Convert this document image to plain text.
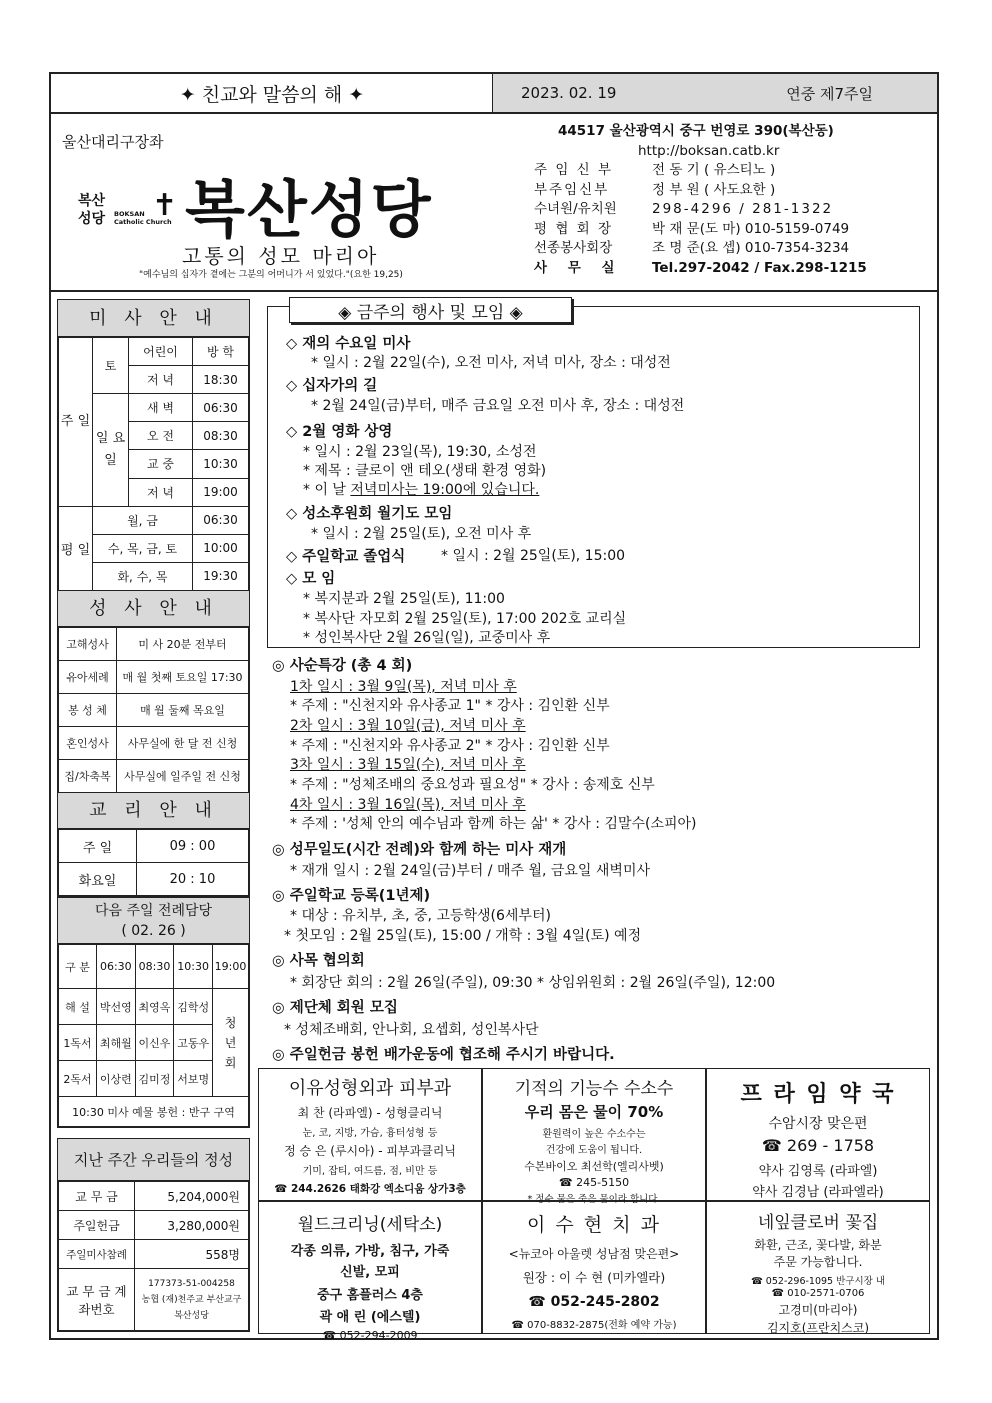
✦ 친교와 말씀의 해 ✦	2023. 02. 19	연중 제7주일
울산대리구장좌
복산
성당 BOKSAN
Catholic Church
✝ 복산성당
고통의 성모 마리아
"예수님의 십자가 곁에는 그분의 어머니가 서 있었다."(요한 19,25)
44517 울산광역시 중구 번영로 390(복산동)
http://boksan.catb.kr
주 임 신 부	전 동 기 ( 유스티노 )
부주임신부	정 부 원 ( 사도요한 )
수녀원/유치원	298-4296 / 281-1322
평 협 회 장	박 재 문(도 마) 010-5159-0749
선종봉사회장	조 명 준(요 셉) 010-7354-3234
사 무 실	Tel.297-2042 / Fax.298-1215
미 사 안 내
주 일	토	어린이	방 학
		저 녁	18:30
	일 요 일	새 벽	06:30
		오 전	08:30
		교 중	10:30
		저 녁	19:00
평 일	월, 금		06:30
	수, 목, 금, 토		10:00
	화, 수, 목		19:30
성 사 안 내
고해성사	미 사 20분 전부터
유아세례	매 월 첫째 토요일 17:30
봉 성 체	매 월 둘째 목요일
혼인성사	사무실에 한 달 전 신청
집/차축복	사무실에 일주일 전 신청
교 리 안 내
주 일	09 : 00
화요일	20 : 10
다음 주일 전례담당
( 02. 26 )
구 분	06:30	08:30	10:30	19:00
해 설	박선영	최영옥	김학성	청 년 회
1독서	최해월	이신우	고동우	
2독서	이상련	김미정	서보명	
10:30 미사 예물 봉헌 : 반구 구역				
지난 주간 우리들의 정성
교 무 금	5,204,000원
주일헌금	3,280,000원
주일미사참례	558명
교 무 금 계좌번호	177373-51-004258
농협 (재)천주교 부산교구
복산성당
◈ 금주의 행사 및 모임 ◈
◇ 재의 수요일 미사
* 일시 : 2월 22일(수), 오전 미사, 저녁 미사, 장소 : 대성전
◇ 십자가의 길
* 2월 24일(금)부터, 매주 금요일 오전 미사 후, 장소 : 대성전
◇ 2월 영화 상영
* 일시 : 2월 23일(목), 19:30, 소성전
* 제목 : 클로이 앤 테오(생태 환경 영화)
* 이 날 저녁미사는 19:00에 있습니다.
◇ 성소후원회 월기도 모임
* 일시 : 2월 25일(토), 오전 미사 후
◇ 주일학교 졸업식	* 일시 : 2월 25일(토), 15:00
◇ 모 임
* 복지분과 2월 25일(토), 11:00
* 복사단 자모회 2월 25일(토), 17:00 202호 교리실
* 성인복사단 2월 26일(일), 교중미사 후
◎ 사순특강 (총 4 회)
1차 일시 : 3월 9일(목), 저녁 미사 후
* 주제 : "신천지와 유사종교 1" * 강사 : 김인환 신부
2차 일시 : 3월 10일(금), 저녁 미사 후
* 주제 : "신천지와 유사종교 2" * 강사 : 김인환 신부
3차 일시 : 3월 15일(수), 저녁 미사 후
* 주제 : "성체조배의 중요성과 필요성" * 강사 : 송제호 신부
4차 일시 : 3월 16일(목), 저녁 미사 후
* 주제 : '성체 안의 예수님과 함께 하는 삶' * 강사 : 김말수(소피아)
◎ 성무일도(시간 전례)와 함께 하는 미사 재개
* 재개 일시 : 2월 24일(금)부터 / 매주 월, 금요일 새벽미사
◎ 주일학교 등록(1년제)
* 대상 : 유치부, 초, 중, 고등학생(6세부터)
* 첫모임 : 2월 25일(토), 15:00 / 개학 : 3월 4일(토) 예정
◎ 사목 협의회
* 회장단 회의 : 2월 26일(주일), 09:30 * 상임위원회 : 2월 26일(주일), 12:00
◎ 제단체 회원 모집
* 성체조배회, 안나회, 요셉회, 성인복사단
◎ 주일헌금 봉헌 배가운동에 협조해 주시기 바랍니다.
이유성형외과 피부과
최 찬 (라파엘) - 성형클리닉
눈, 코, 지방, 가슴, 흉터성형 등
정 승 은 (루시아) - 피부과클리닉
기미, 잡티, 여드름, 점, 비만 등
☎ 244.2626 태화강 엑소디움 상가3층
기적의 기능수 수소수
우리 몸은 물이 70%
환원력이 높은 수소수는
건강에 도움이 됩니다.
수본바이오 최선학(엘리사벳)
☎ 245-5150
* 정수 물은 죽은 물이라 합니다.
프 라 임 약 국
수암시장 맞은편
☎ 269 - 1758
약사 김영록 (라파엘)
약사 김경남 (라파엘라)
월드크리닝(세탁소)
각종 의류, 가방, 침구, 가죽
신발, 모피
중구 홈플러스 4층
곽 애 린 (에스텔)
☎ 052-294-2009
이 수 현 치 과
<뉴코아 아울렛 성남점 맞은편>
원장 : 이 수 현 (미카엘라)
☎ 052-245-2802
☎ 070-8832-2875(전화 예약 가능)
네잎클로버 꽃집
화환, 근조, 꽃다발, 화분
주문 가능합니다.
☎ 052-296-1095 반구시장 내
☎ 010-2571-0706
고경미(마리아)
김지호(프란치스코)
